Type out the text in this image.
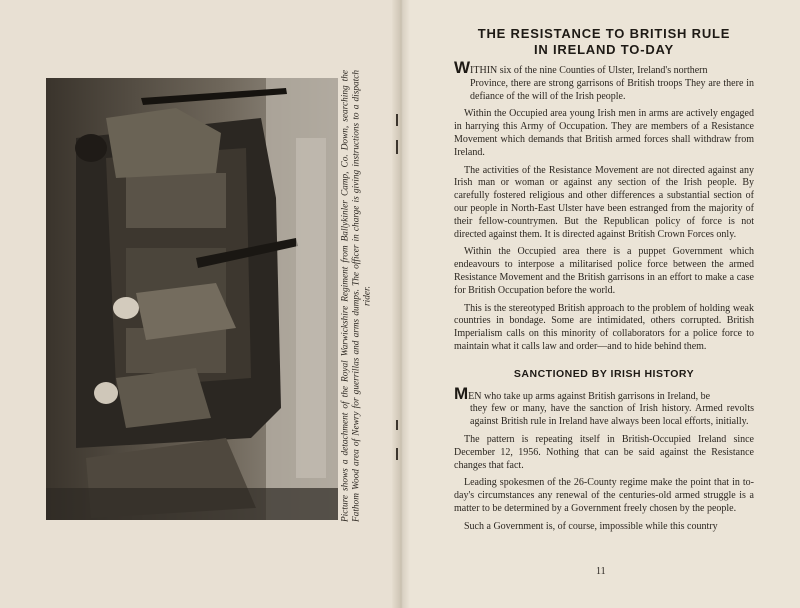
Picture shows a detachment of the Royal Warwickshire Regiment from Ballykinler Camp, Co. Down, searching the Fathom Wood area of Newry for guerrillas and arms dumps. The officer in charge is giving instructions to a dispatch rider.
THE RESISTANCE TO BRITISH RULE
IN IRELAND TO-DAY

WITHIN six of the nine Counties of Ulster, Ireland's northern
Province, there are strong garrisons of British troops They are there in defiance of the will of the Irish people.

Within the Occupied area young Irish men in arms are actively engaged in harrying this Army of Occupation. They are members of a Resistance Movement which demands that British armed forces shall withdraw from Ireland.

The activities of the Resistance Movement are not directed against any Irish man or woman or against any section of the Irish people. By carefully fostered religious and other differences a substantial section of our people in North-East Ulster have been estranged from the majority of their fellow-countrymen. But the Republican policy of force is not directed against them. It is directed against British Crown Forces only.

Within the Occupied area there is a puppet Government which endeavours to interpose a militarised police force between the armed Resistance Movement and the British garrisons in an effort to make a case for British Occupation before the world.

This is the stereotyped British approach to the problem of holding weak countries in bondage. Some are intimidated, others corrupted. British Imperialism calls on this minority of collaborators for a police force to maintain what it calls law and order—and to hide behind them.

SANCTIONED BY IRISH HISTORY

MEN who take up arms against British garrisons in Ireland, be
they few or many, have the sanction of Irish history. Armed revolts against British rule in Ireland have always been local efforts, initially.

The pattern is repeating itself in British-Occupied Ireland since December 12, 1956. Nothing that can be said against the Resistance changes that fact.

Leading spokesmen of the 26-County regime make the point that in to-day's circumstances any renewal of the centuries-old armed struggle is a matter to be determined by a Government freely chosen by the people.

Such a Government is, of course, impossible while this country

11
